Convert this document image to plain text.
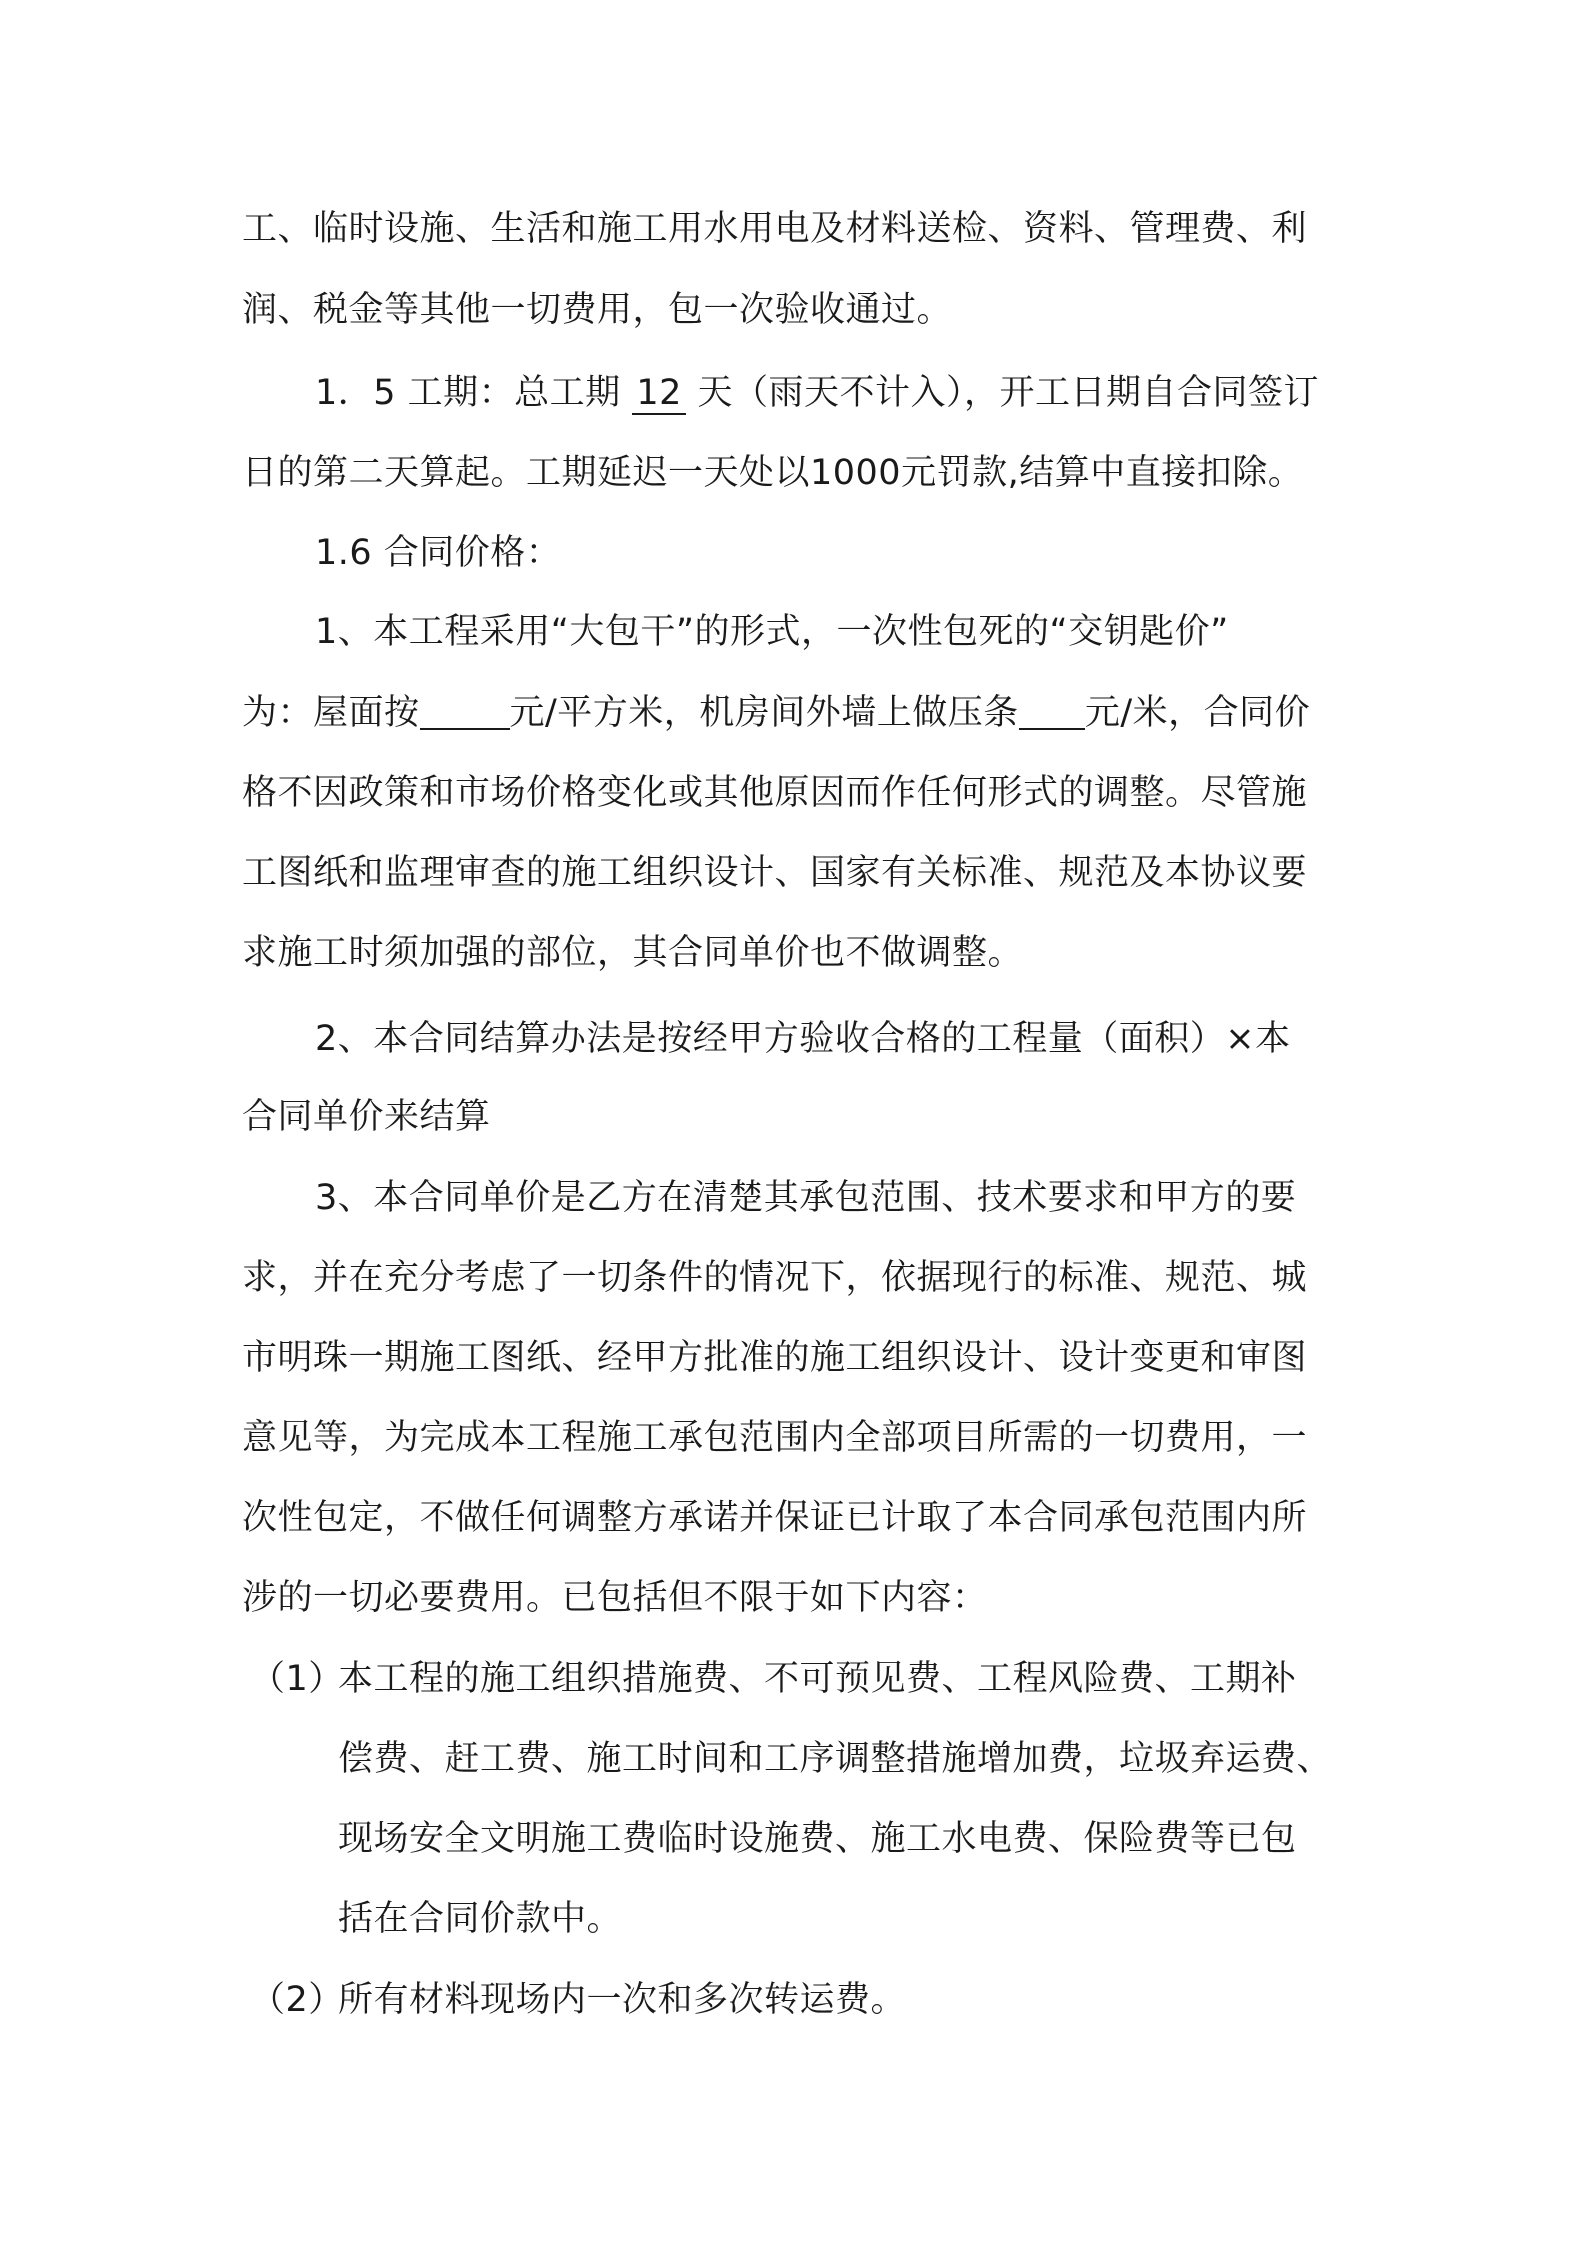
工、临时设施、生活和施工用水用电及材料送检、资料、管理费、利
润、税金等其他一切费用，包一次验收通过。
1．5 工期：总工期 12 天（雨天不计入），开工日期自合同签订
日的第二天算起。工期延迟一天处以1000元罚款,结算中直接扣除。
1.6 合同价格：
1、本工程采用“大包干”的形式，一次性包死的“交钥匙价”
为：屋面按	元/平方米，机房间外墙上做压条 元/米，合同价
格不因政策和市场价格变化或其他原因而作任何形式的调整。尽管施
工图纸和监理审查的施工组织设计、国家有关标准、规范及本协议要
求施工时须加强的部位，其合同单价也不做调整。
2、本合同结算办法是按经甲方验收合格的工程量（面积）×本
合同单价来结算
3、本合同单价是乙方在清楚其承包范围、技术要求和甲方的要
求，并在充分考虑了一切条件的情况下，依据现行的标准、规范、城
市明珠一期施工图纸、经甲方批准的施工组织设计、设计变更和审图
意见等，为完成本工程施工承包范围内全部项目所需的一切费用，一
次性包定，不做任何调整方承诺并保证已计取了本合同承包范围内所
涉的一切必要费用。已包括但不限于如下内容：
（1）
本工程的施工组织措施费、不可预见费、工程风险费、工期补
偿费、赶工费、施工时间和工序调整措施增加费，垃圾弃运费、
现场安全文明施工费临时设施费、施工水电费、保险费等已包
括在合同价款中。
（2）
所有材料现场内一次和多次转运费。
